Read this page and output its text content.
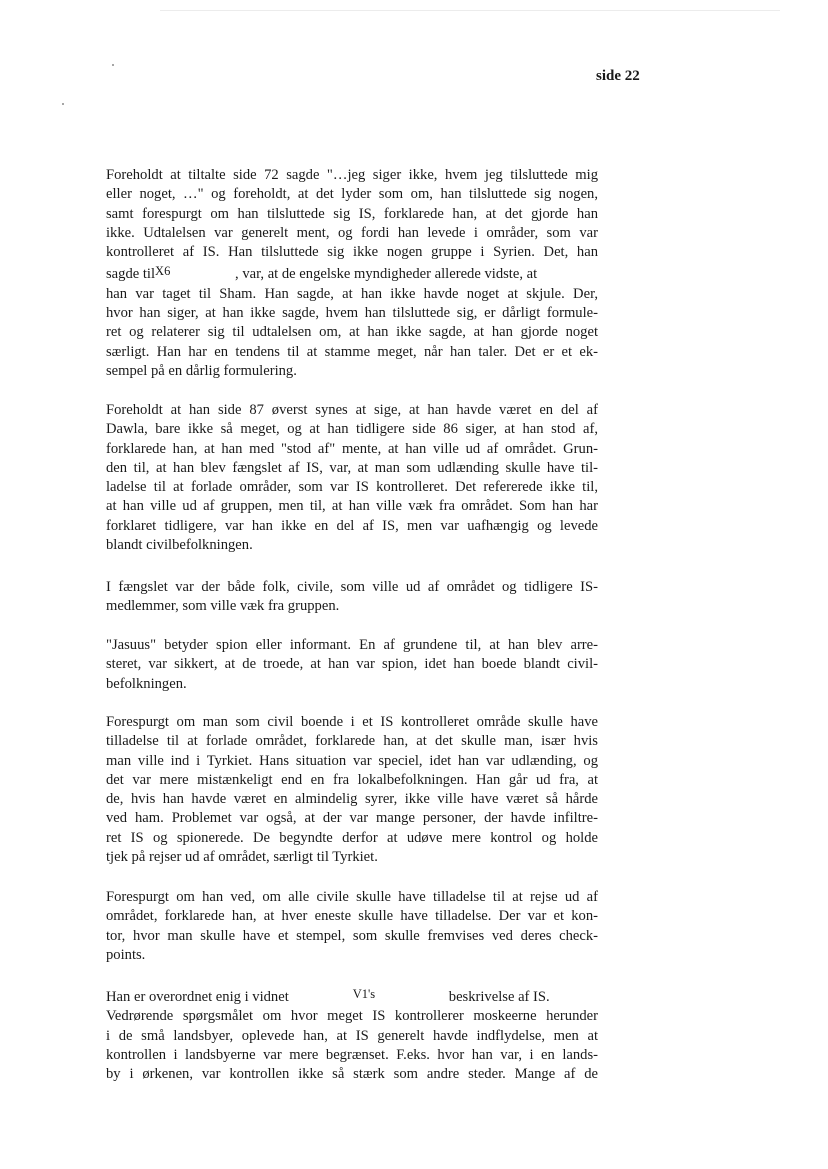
side 22
Foreholdt at tiltalte side 72 sagde "…jeg siger ikke, hvem jeg tilsluttede mig
eller noget, …" og foreholdt, at det lyder som om, han tilsluttede sig nogen,
samt forespurgt om han tilsluttede sig IS, forklarede han, at det gjorde han
ikke. Udtalelsen var generelt ment, og fordi han levede i områder, som var
kontrolleret af IS. Han tilsluttede sig ikke nogen gruppe i Syrien. Det, han
sagde tilX6	, var, at de engelske myndigheder allerede vidste, at
han var taget til Sham. Han sagde, at han ikke havde noget at skjule. Der,
hvor han siger, at han ikke sagde, hvem han tilsluttede sig, er dårligt formule-
ret og relaterer sig til udtalelsen om, at han ikke sagde, at han gjorde noget
særligt. Han har en tendens til at stamme meget, når han taler. Det er et ek-
sempel på en dårlig formulering.
Foreholdt at han side 87 øverst synes at sige, at han havde været en del af
Dawla, bare ikke så meget, og at han tidligere side 86 siger, at han stod af,
forklarede han, at han med "stod af" mente, at han ville ud af området. Grun-
den til, at han blev fængslet af IS, var, at man som udlænding skulle have til-
ladelse til at forlade områder, som var IS kontrolleret. Det refererede ikke til,
at han ville ud af gruppen, men til, at han ville væk fra området. Som han har
forklaret tidligere, var han ikke en del af IS, men var uafhængig og levede
blandt civilbefolkningen.
I fængslet var der både folk, civile, som ville ud af området og tidligere IS-
medlemmer, som ville væk fra gruppen.
"Jasuus" betyder spion eller informant. En af grundene til, at han blev arre-
steret, var sikkert, at de troede, at han var spion, idet han boede blandt civil-
befolkningen.
Forespurgt om man som civil boende i et IS kontrolleret område skulle have
tilladelse til at forlade området, forklarede han, at det skulle man, især hvis
man ville ind i Tyrkiet. Hans situation var speciel, idet han var udlænding, og
det var mere mistænkeligt end en fra lokalbefolkningen. Han går ud fra, at
de, hvis han havde været en almindelig syrer, ikke ville have været så hårde
ved ham. Problemet var også, at der var mange personer, der havde infiltre-
ret IS og spionerede. De begyndte derfor at udøve mere kontrol og holde
tjek på rejser ud af området, særligt til Tyrkiet.
Forespurgt om han ved, om alle civile skulle have tilladelse til at rejse ud af
området, forklarede han, at hver eneste skulle have tilladelse. Der var et kon-
tor, hvor man skulle have et stempel, som skulle fremvises ved deres check-
points.
Han er overordnet enig i vidnet	V1's	beskrivelse af IS.
Vedrørende spørgsmålet om hvor meget IS kontrollerer moskeerne herunder
i de små landsbyer, oplevede han, at IS generelt havde indflydelse, men at
kontrollen i landsbyerne var mere begrænset. F.eks. hvor han var, i en lands-
by i ørkenen, var kontrollen ikke så stærk som andre steder. Mange af de
